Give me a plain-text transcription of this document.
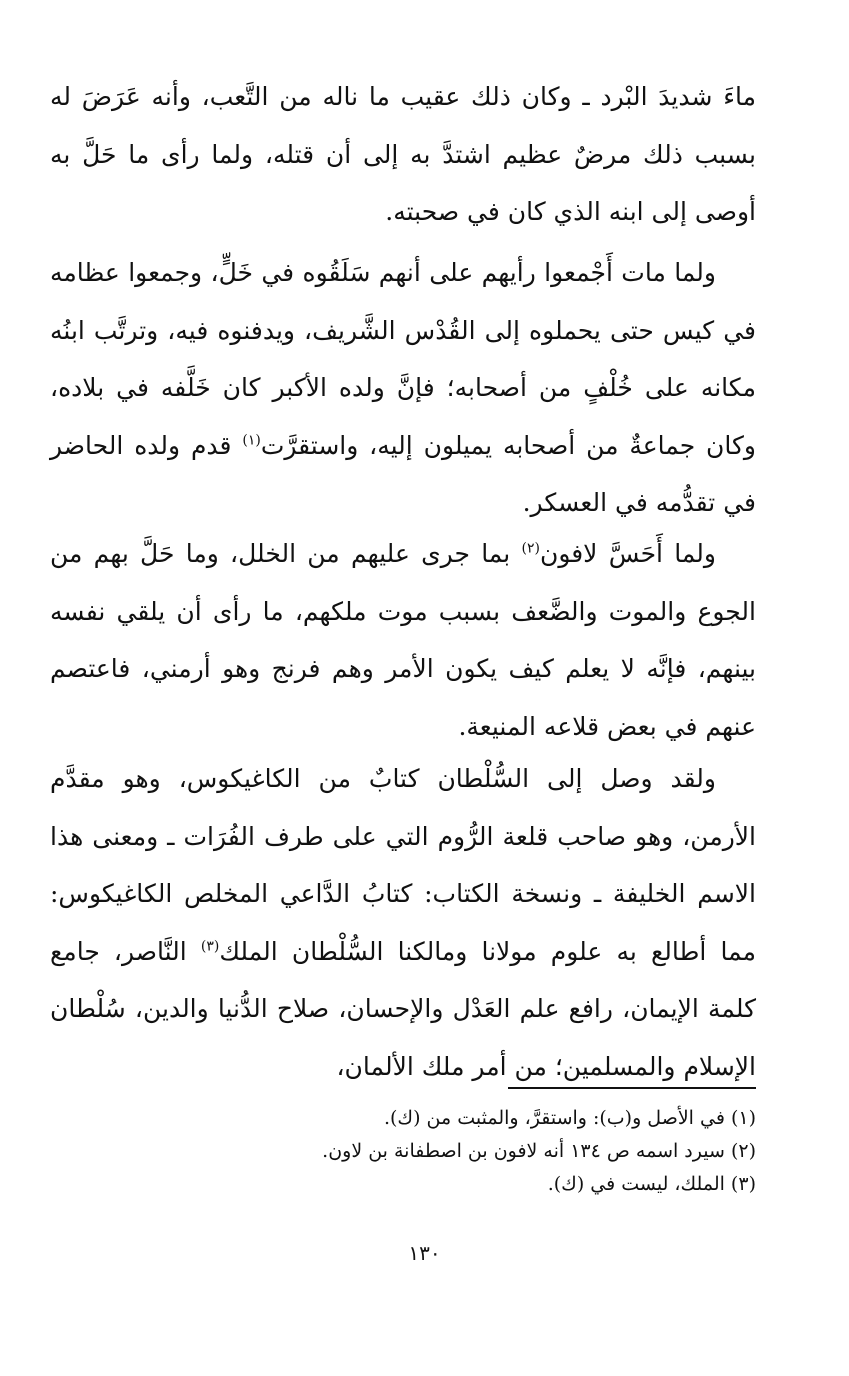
ماءَ شديدَ البْرد ـ وكان ذلك عقيب ما ناله من التَّعب، وأنه عَرَضَ له بسبب ذلك مرضٌ عظيم اشتدَّ به إلى أن قتله، ولما رأى ما حَلَّ به أوصى إلى ابنه الذي كان في صحبته.

ولما مات أَجْمعوا رأيهم على أنهم سَلَقُوه في خَلٍّ، وجمعوا عظامه في كيس حتى يحملوه إلى القُدْس الشَّريف، ويدفنوه فيه، وترتَّب ابنُه مكانه على خُلْفٍ من أصحابه؛ فإنَّ ولده الأكبر كان خَلَّفه في بلاده، وكان جماعةٌ من أصحابه يميلون إليه، واستقرَّت$^{(١)}$ قدم ولده الحاضر في تقدُّمه في العسكر.

ولما أَحَسَّ لافون$^{(٢)}$ بما جرى عليهم من الخلل، وما حَلَّ بهم من الجوع والموت والضَّعف بسبب موت ملكهم، ما رأى أن يلقي نفسه بينهم، فإنَّه لا يعلم كيف يكون الأمر وهم فرنج وهو أرمني، فاعتصم عنهم في بعض قلاعه المنيعة.

ولقد وصل إلى السُّلْطان كتابٌ من الكاغيكوس، وهو مقدَّم الأرمن، وهو صاحب قلعة الرُّوم التي على طرف الفُرَات ـ ومعنى هذا الاسم الخليفة ـ ونسخة الكتاب: كتابُ الدَّاعي المخلص الكاغيكوس: مما أطالع به علوم مولانا ومالكنا السُّلْطان الملك$^{(٣)}$ النَّاصر، جامع كلمة الإيمان، رافع علم العَدْل والإحسان، صلاح الدُّنيا والدين، سُلْطان الإسلام والمسلمين؛ من أمر ملك الألمان،

(١) في الأصل و(ب): واستقرَّ، والمثبت من (ك).

(٢) سيرد اسمه ص ١٣٤ أنه لافون بن اصطفانة بن لاون.

(٣) الملك، ليست في (ك).

١٣٠
